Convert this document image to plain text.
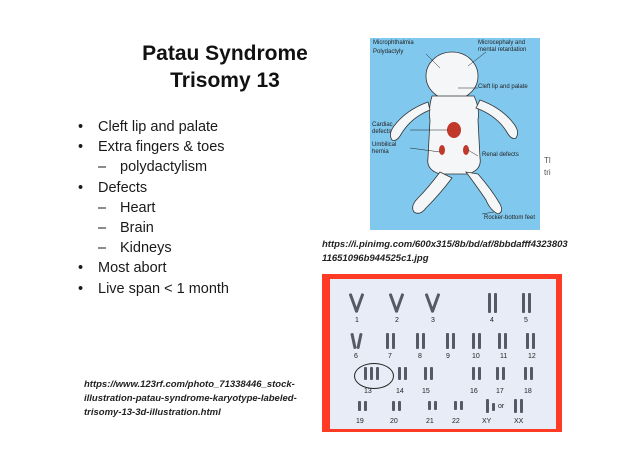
Patau Syndrome
Trisomy 13
• Cleft lip and palate
• Extra fingers & toes
– polydactylism
• Defects
– Heart
– Brain
– Kidneys
• Most abort
• Live span < 1 month
Microphthalmia
Polydactyly
Microcephaly and
mental retardation
Cleft lip and palate
Cardiac
defects
Umbilical
hernia	Renal defects
Rocker-bottom feet
Tl
tri
https://i.pinimg.com/600x315/8b/bd/af/8bbdafff4323803
11651096b944525c1.jpg
1	2	3	4	5
6	7	8	9	10	11	12
13	14	15	16	17	18
or
19	20	21	22	XY	XX
https://www.123rf.com/photo_71338446_stock-
illustration-patau-syndrome-karyotype-labeled-
trisomy-13-3d-illustration.html
